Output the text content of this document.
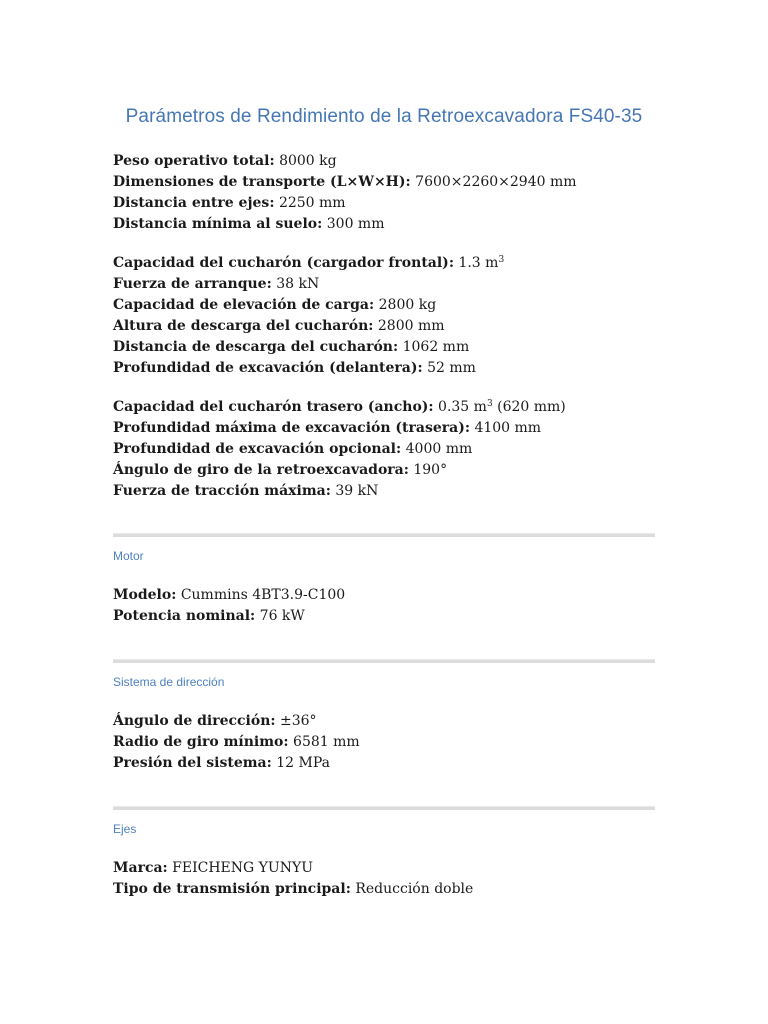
Parámetros de Rendimiento de la Retroexcavadora FS40-35
Peso operativo total: 8000 kg
Dimensiones de transporte (L×W×H): 7600×2260×2940 mm
Distancia entre ejes: 2250 mm
Distancia mínima al suelo: 300 mm
Capacidad del cucharón (cargador frontal): 1.3 $m^3$
Fuerza de arranque: 38 kN
Capacidad de elevación de carga: 2800 kg
Altura de descarga del cucharón: 2800 mm
Distancia de descarga del cucharón: 1062 mm
Profundidad de excavación (delantera): 52 mm
Capacidad del cucharón trasero (ancho): 0.35 $m^3$ (620 mm)
Profundidad máxima de excavación (trasera): 4100 mm
Profundidad de excavación opcional: 4000 mm
Ángulo de giro de la retroexcavadora: 190°
Fuerza de tracción máxima: 39 kN
Motor
Modelo: Cummins 4BT3.9-C100
Potencia nominal: 76 kW
Sistema de dirección
Ángulo de dirección: ±36°
Radio de giro mínimo: 6581 mm
Presión del sistema: 12 MPa
Ejes
Marca: FEICHENG YUNYU
Tipo de transmisión principal: Reducción doble
